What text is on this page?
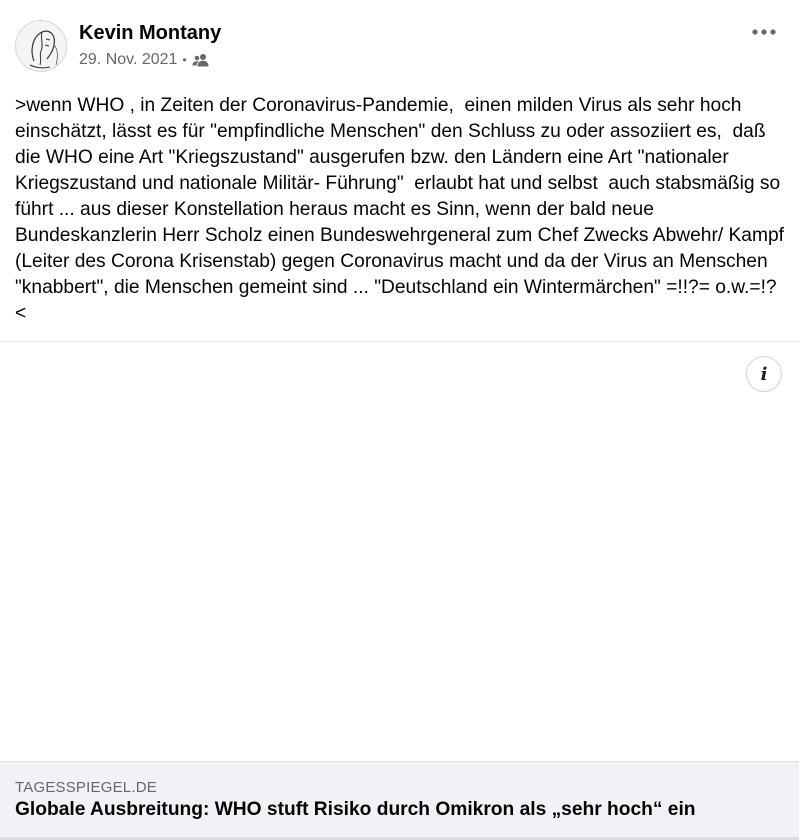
Kevin Montany
29. Nov. 2021 •

>wenn WHO , in Zeiten der Coronavirus-Pandemie,  einen milden Virus als sehr hoch einschätzt, lässt es für "empfindliche Menschen" den Schluss zu oder assoziiert es,  daß die WHO eine Art "Kriegszustand" ausgerufen bzw. den Ländern eine Art "nationaler Kriegszustand und nationale Militär- Führung"  erlaubt hat und selbst  auch stabsmäßig so führt ... aus dieser Konstellation heraus macht es Sinn, wenn der bald neue Bundeskanzlerin Herr Scholz einen Bundeswehrgeneral zum Chef Zwecks Abwehr/ Kampf (Leiter des Corona Krisenstab) gegen Coronavirus macht und da der Virus an Menschen "knabbert", die Menschen gemeint sind ... "Deutschland ein Wintermärchen" =!!?= o.w.=!?<

i
TAGESSPIEGEL.DE
Globale Ausbreitung: WHO stuft Risiko durch Omikron als „sehr hoch“ ein
